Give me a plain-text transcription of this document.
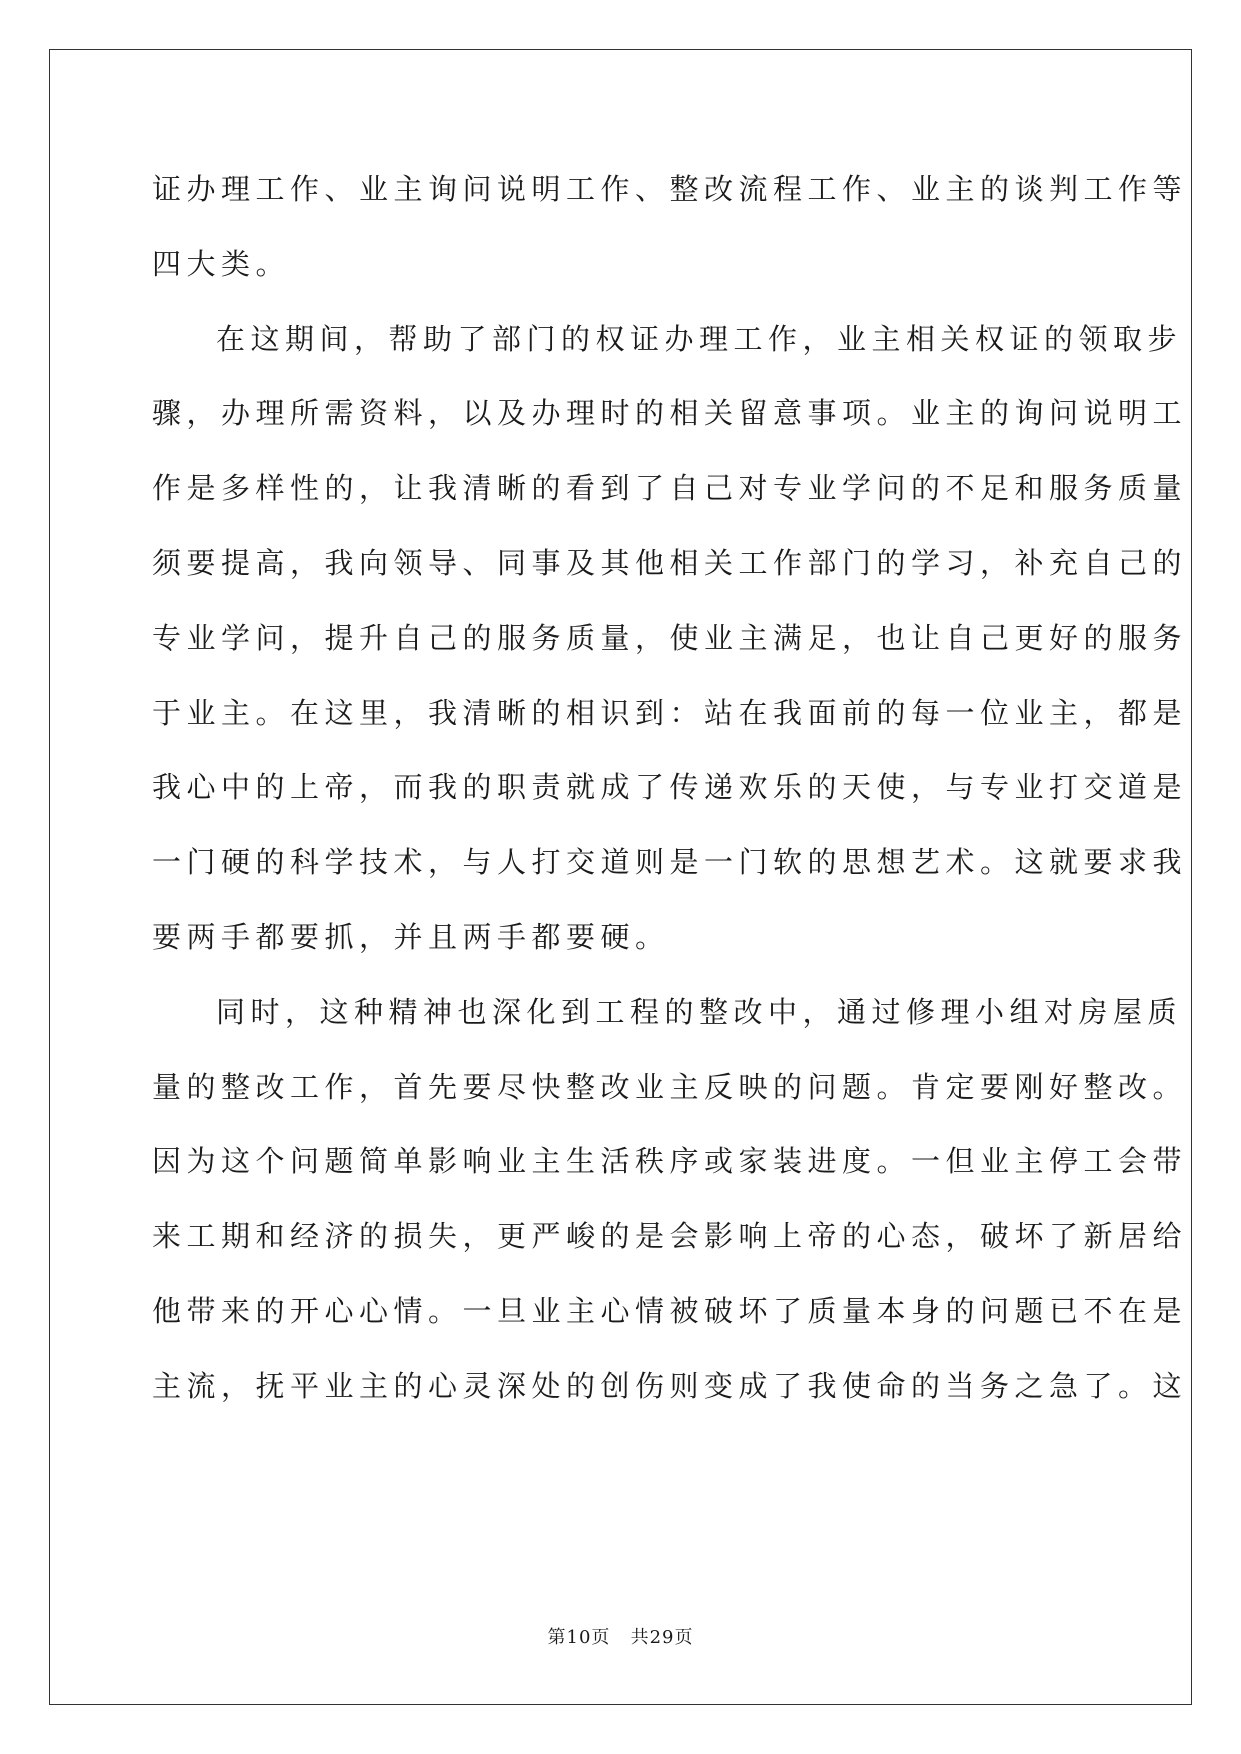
证办理工作、业主询问说明工作、整改流程工作、业主的谈判工作等
四大类。
在这期间，帮助了部门的权证办理工作，业主相关权证的领取步
骤，办理所需资料，以及办理时的相关留意事项。业主的询问说明工
作是多样性的，让我清晰的看到了自己对专业学问的不足和服务质量
须要提高，我向领导、同事及其他相关工作部门的学习，补充自己的
专业学问，提升自己的服务质量，使业主满足，也让自己更好的服务
于业主。在这里，我清晰的相识到：站在我面前的每一位业主，都是
我心中的上帝，而我的职责就成了传递欢乐的天使，与专业打交道是
一门硬的科学技术，与人打交道则是一门软的思想艺术。这就要求我
要两手都要抓，并且两手都要硬。
同时，这种精神也深化到工程的整改中，通过修理小组对房屋质
量的整改工作，首先要尽快整改业主反映的问题。肯定要刚好整改。
因为这个问题简单影响业主生活秩序或家装进度。一但业主停工会带
来工期和经济的损失，更严峻的是会影响上帝的心态，破坏了新居给
他带来的开心心情。一旦业主心情被破坏了质量本身的问题已不在是
主流，抚平业主的心灵深处的创伤则变成了我使命的当务之急了。这
第10页 共29页
